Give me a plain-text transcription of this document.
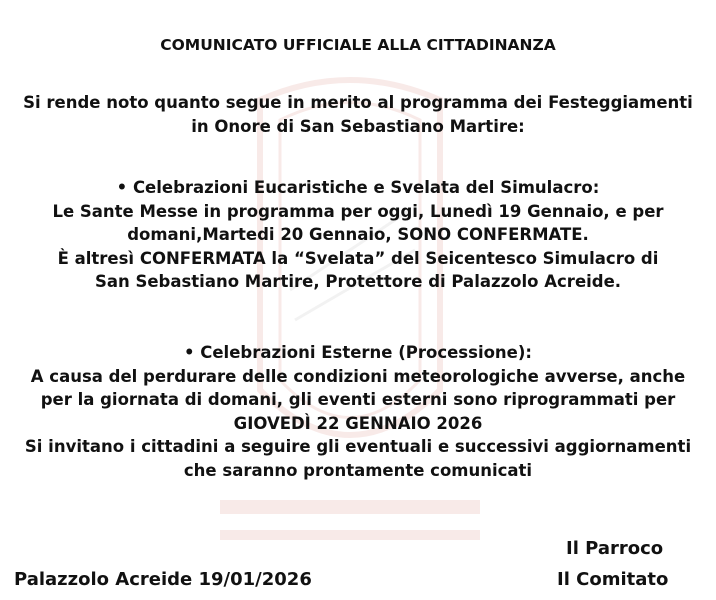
COMUNICATO UFFICIALE ALLA CITTADINANZA
Si rende noto quanto segue in merito al programma dei Festeggiamenti
in Onore di San Sebastiano Martire:
• Celebrazioni Eucaristiche e Svelata del Simulacro:
Le Sante Messe in programma per oggi, Lunedì 19 Gennaio, e per
domani,Martedi 20 Gennaio, SONO CONFERMATE.
È altresì CONFERMATA la “Svelata” del Seicentesco Simulacro di
San Sebastiano Martire, Protettore di Palazzolo Acreide.
• Celebrazioni Esterne (Processione):
A causa del perdurare delle condizioni meteorologiche avverse, anche
per la giornata di domani, gli eventi esterni sono riprogrammati per
GIOVEDÌ 22 GENNAIO 2026
Si invitano i cittadini a seguire gli eventuali e successivi aggiornamenti
che saranno prontamente comunicati
Palazzolo Acreide 19/01/2026
Il Parroco
Il Comitato
